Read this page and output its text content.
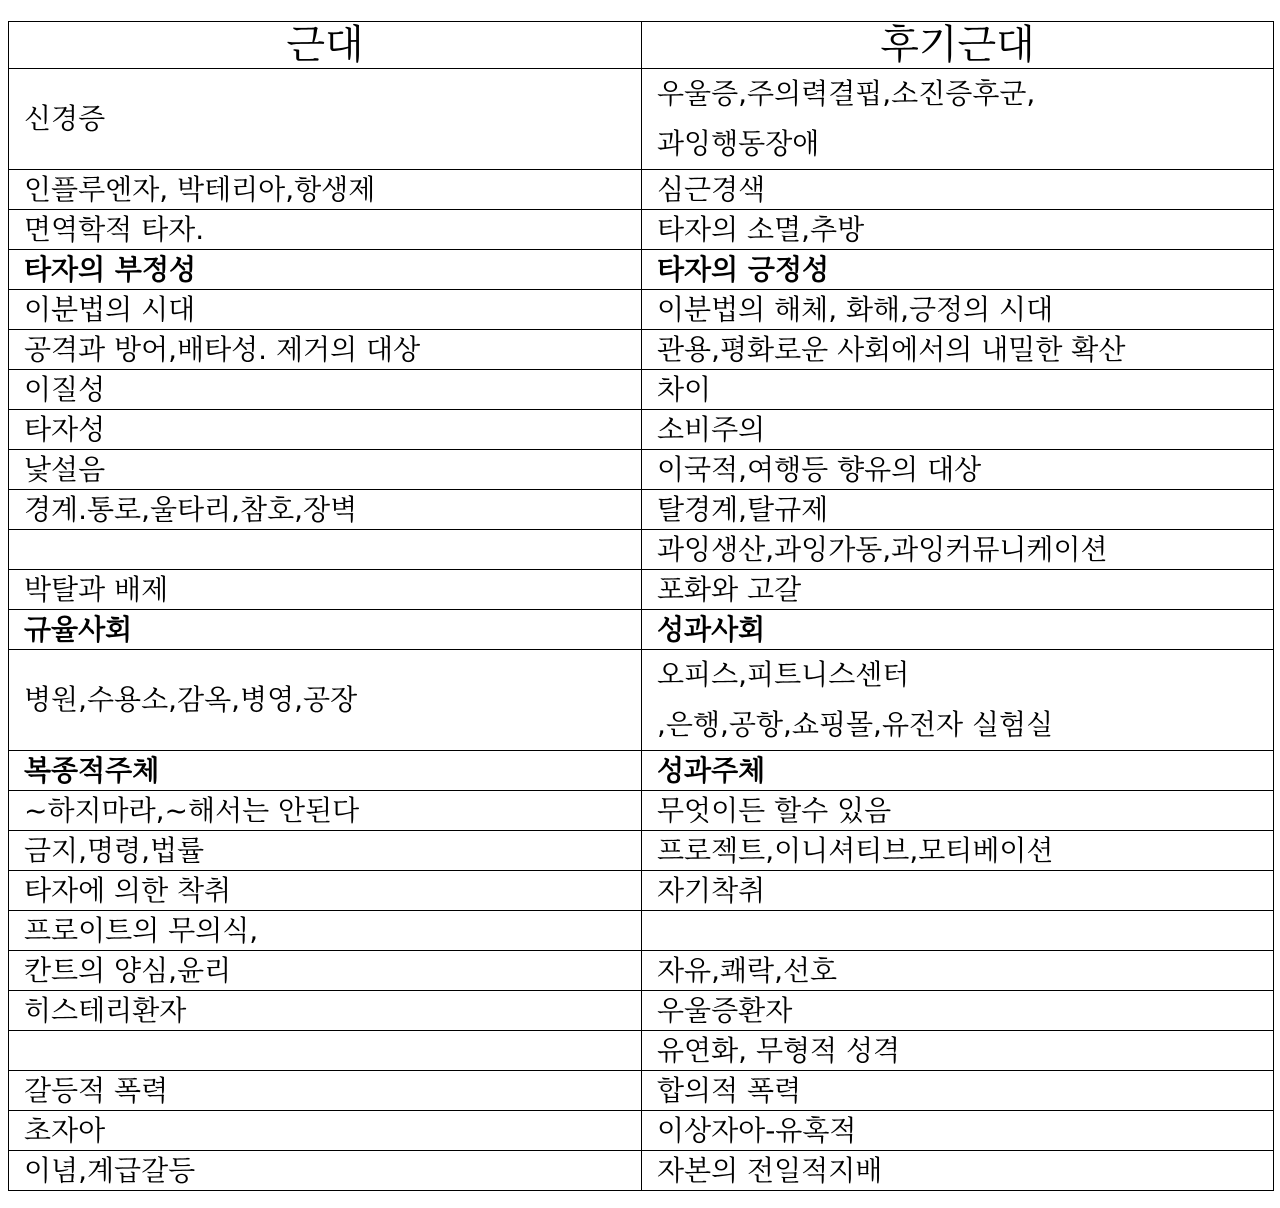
근대	후기근대
신경증	우울증,주의력결핍,소진증후군,
과잉행동장애

인플루엔자, 박테리아,항생제	심근경색
면역학적 타자.	타자의 소멸,추방
타자의 부정성	타자의 긍정성
이분법의 시대	이분법의 해체, 화해,긍정의 시대
공격과 방어,배타성. 제거의 대상	관용,평화로운 사회에서의 내밀한 확산
이질성	차이
타자성	소비주의
낯설음	이국적,여행등 향유의 대상
경계.통로,울타리,참호,장벽	탈경계,탈규제
	과잉생산,과잉가동,과잉커뮤니케이션
박탈과 배제	포화와 고갈
규율사회	성과사회
병원,수용소,감옥,병영,공장	오피스,피트니스센터
,은행,공항,쇼핑몰,유전자 실험실

복종적주체	성과주체
~하지마라,~해서는 안된다	무엇이든 할수 있음
금지,명령,법률	프로젝트,이니셔티브,모티베이션
타자에 의한 착취	자기착취
프로이트의 무의식,	
칸트의 양심,윤리	자유,쾌락,선호
히스테리환자	우울증환자
	유연화, 무형적 성격
갈등적 폭력	합의적 폭력
초자아	이상자아-유혹적
이념,계급갈등	자본의 전일적지배
